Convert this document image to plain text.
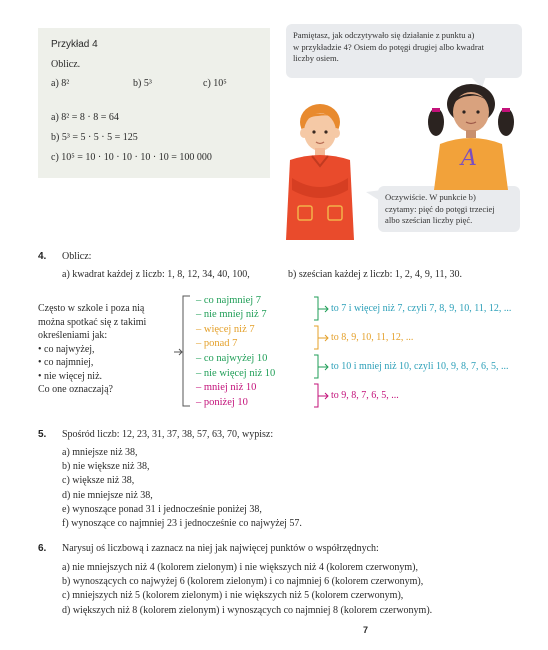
Przykład 4
Oblicz.
a) 8²	b) 5³	c) 10⁵
a) 8² = 8 · 8 = 64
b) 5³ = 5 · 5 · 5 = 125
c) 10⁵ = 10 · 10 · 10 · 10 · 10 = 100 000
Pamiętasz, jak odczytywało się działanie z punktu a)
w przykładzie 4? Osiem do potęgi drugiej albo kwadrat
liczby osiem.
Oczywiście. W punkcie b)
czytamy: pięć do potęgi trzeciej
albo sześcian liczby pięć.
A
4. Oblicz:
a) kwadrat każdej z liczb: 1, 8, 12, 34, 40, 100,	b) sześcian każdej z liczb: 1, 2, 4, 9, 11, 30.
Często w szkole i poza nią
można spotkać się z takimi
określeniami jak:
• co najwyżej,
• co najmniej,
• nie więcej niż.
Co one oznaczają?
– co najmniej 7
– nie mniej niż 7
– więcej niż 7
– ponad 7
– co najwyżej 10
– nie więcej niż 10
– mniej niż 10
– poniżej 10
to 7 i więcej niż 7, czyli 7, 8, 9, 10, 11, 12, ...
to 8, 9, 10, 11, 12, ...
to 10 i mniej niż 10, czyli 10, 9, 8, 7, 6, 5, ...
to 9, 8, 7, 6, 5, ...
5. Spośród liczb: 12, 23, 31, 37, 38, 57, 63, 70, wypisz:
a) mniejsze niż 38,
b) nie większe niż 38,
c) większe niż 38,
d) nie mniejsze niż 38,
e) wynoszące ponad 31 i jednocześnie poniżej 38,
f) wynoszące co najmniej 23 i jednocześnie co najwyżej 57.
6. Narysuj oś liczbową i zaznacz na niej jak najwięcej punktów o współrzędnych:
a) nie mniejszych niż 4 (kolorem zielonym) i nie większych niż 4 (kolorem czerwonym),
b) wynoszących co najwyżej 6 (kolorem zielonym) i co najmniej 6 (kolorem czerwonym),
c) mniejszych niż 5 (kolorem zielonym) i nie większych niż 5 (kolorem czerwonym),
d) większych niż 8 (kolorem zielonym) i wynoszących co najmniej 8 (kolorem czerwonym).
7
